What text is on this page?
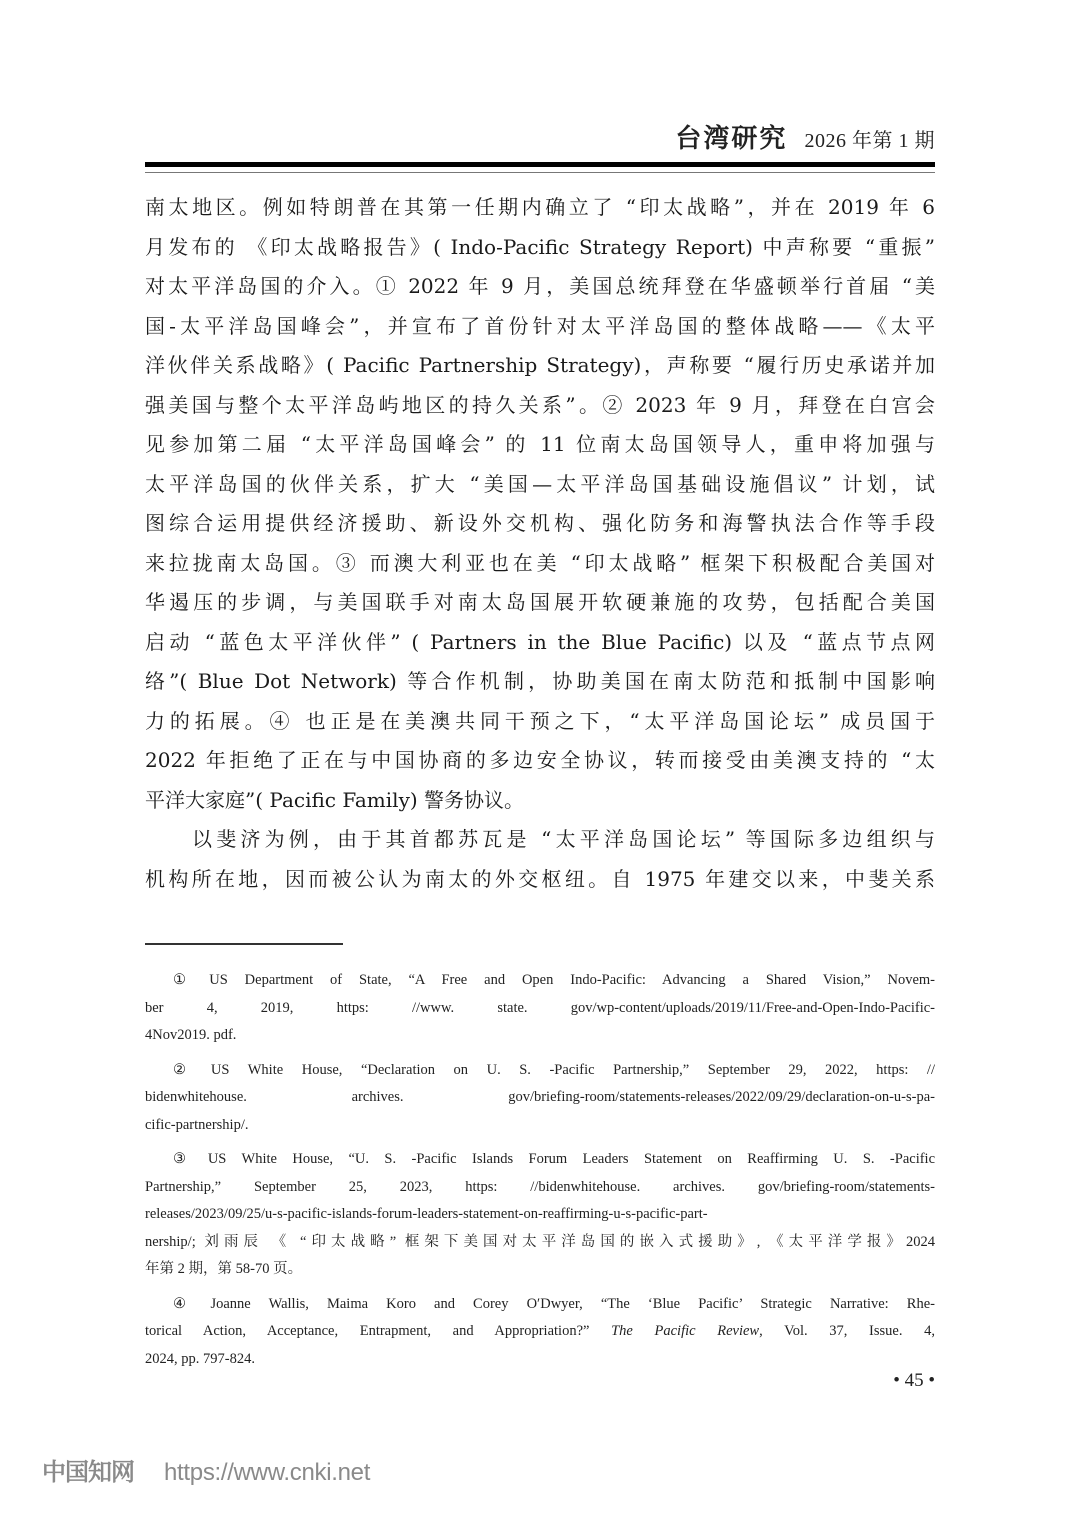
台湾研究 2026 年第 1 期
南太地区。例如特朗普在其第一任期内确立了 “印太战略”，并在 2019 年 6
月发布的 《印太战略报告》( Indo-Pacific Strategy Report) 中声称要 “重振”
对太平洋岛国的介入。① 2022 年 9 月，美国总统拜登在华盛顿举行首届 “美
国-太平洋岛国峰会”，并宣布了首份针对太平洋岛国的整体战略——《太平
洋伙伴关系战略》( Pacific Partnership Strategy)，声称要 “履行历史承诺并加
强美国与整个太平洋岛屿地区的持久关系”。② 2023 年 9 月，拜登在白宫会
见参加第二届 “太平洋岛国峰会” 的 11 位南太岛国领导人，重申将加强与
太平洋岛国的伙伴关系，扩大 “美国—太平洋岛国基础设施倡议” 计划，试
图综合运用提供经济援助、新设外交机构、强化防务和海警执法合作等手段
来拉拢南太岛国。③ 而澳大利亚也在美 “印太战略” 框架下积极配合美国对
华遏压的步调，与美国联手对南太岛国展开软硬兼施的攻势，包括配合美国
启动 “蓝色太平洋伙伴” ( Partners in the Blue Pacific) 以及 “蓝点节点网
络”( Blue Dot Network) 等合作机制，协助美国在南太防范和抵制中国影响
力的拓展。④ 也正是在美澳共同干预之下，“太平洋岛国论坛” 成员国于
2022 年拒绝了正在与中国协商的多边安全协议，转而接受由美澳支持的 “太
平洋大家庭”( Pacific Family) 警务协议。
以斐济为例，由于其首都苏瓦是 “太平洋岛国论坛” 等国际多边组织与
机构所在地，因而被公认为南太的外交枢纽。自 1975 年建交以来，中斐关系
① US Department of State, “A Free and Open Indo-Pacific: Advancing a Shared Vision,” Novem-
ber 4, 2019, https: //www. state. gov/wp-content/uploads/2019/11/Free-and-Open-Indo-Pacific-
4Nov2019. pdf.
② US White House, “Declaration on U. S. -Pacific Partnership,” September 29, 2022, https: //
bidenwhitehouse. archives. gov/briefing-room/statements-releases/2022/09/29/declaration-on-u-s-pa-
cific-partnership/.
③ US White House, “U. S. -Pacific Islands Forum Leaders Statement on Reaffirming U. S. -Pacific
Partnership,” September 25, 2023, https: //bidenwhitehouse. archives. gov/briefing-room/statements-
releases/2023/09/25/u-s-pacific-islands-forum-leaders-statement-on-reaffirming-u-s-pacific-part-
nership/; 刘雨辰 《 “印太战略” 框架下美国对太平洋岛国的嵌入式援助》, 《太平洋学报》2024
年第 2 期，第 58-70 页。
④ Joanne Wallis, Maima Koro and Corey O′Dwyer, “The ‘Blue Pacific’ Strategic Narrative: Rhe-
torical Action, Acceptance, Entrapment, and Appropriation?” The Pacific Review, Vol. 37, Issue. 4,
2024, pp. 797-824.
• 45 •
中国知网 https://www.cnki.net
